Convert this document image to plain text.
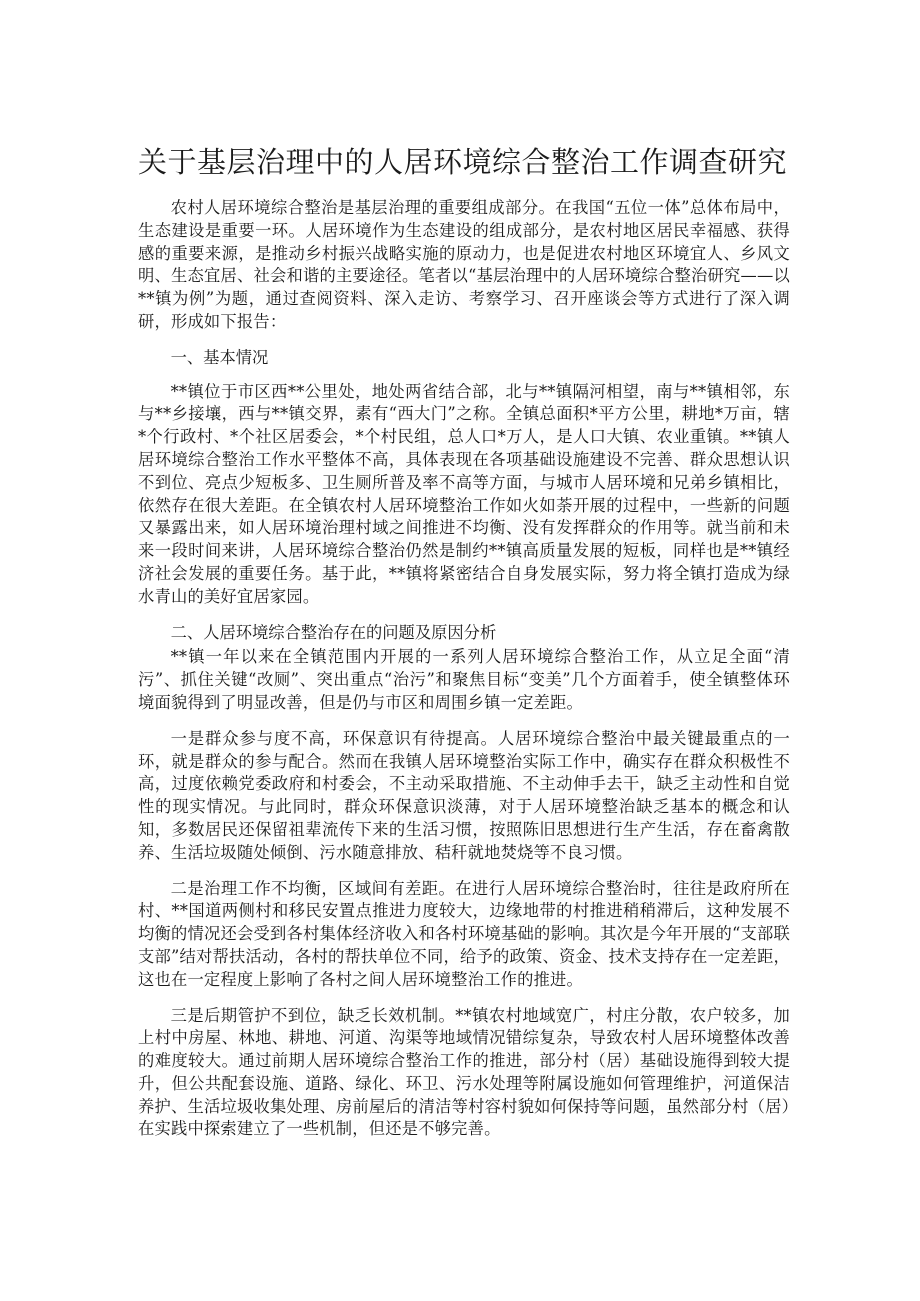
关于基层治理中的人居环境综合整治工作调查研究

农村人居环境综合整治是基层治理的重要组成部分。在我国“五位一体”总体布局中，生态建设是重要一环。人居环境作为生态建设的组成部分，是农村地区居民幸福感、获得感的重要来源，是推动乡村振兴战略实施的原动力，也是促进农村地区环境宜人、乡风文明、生态宜居、社会和谐的主要途径。笔者以“基层治理中的人居环境综合整治研究——以**镇为例”为题，通过查阅资料、深入走访、考察学习、召开座谈会等方式进行了深入调研，形成如下报告：

一、基本情况

**镇位于市区西**公里处，地处两省结合部，北与**镇隔河相望，南与**镇相邻，东与**乡接壤，西与**镇交界，素有“西大门”之称。全镇总面积*平方公里，耕地*万亩，辖*个行政村、*个社区居委会，*个村民组，总人口*万人，是人口大镇、农业重镇。**镇人居环境综合整治工作水平整体不高，具体表现在各项基础设施建设不完善、群众思想认识不到位、亮点少短板多、卫生厕所普及率不高等方面，与城市人居环境和兄弟乡镇相比，依然存在很大差距。在全镇农村人居环境整治工作如火如荼开展的过程中，一些新的问题又暴露出来，如人居环境治理村域之间推进不均衡、没有发挥群众的作用等。就当前和未来一段时间来讲，人居环境综合整治仍然是制约**镇高质量发展的短板，同样也是**镇经济社会发展的重要任务。基于此，**镇将紧密结合自身发展实际，努力将全镇打造成为绿水青山的美好宜居家园。

二、人居环境综合整治存在的问题及原因分析

**镇一年以来在全镇范围内开展的一系列人居环境综合整治工作，从立足全面“清污”、抓住关键“改厕”、突出重点“治污”和聚焦目标“变美”几个方面着手，使全镇整体环境面貌得到了明显改善，但是仍与市区和周围乡镇一定差距。

一是群众参与度不高，环保意识有待提高。人居环境综合整治中最关键最重点的一环，就是群众的参与配合。然而在我镇人居环境整治实际工作中，确实存在群众积极性不高，过度依赖党委政府和村委会，不主动采取措施、不主动伸手去干，缺乏主动性和自觉性的现实情况。与此同时，群众环保意识淡薄，对于人居环境整治缺乏基本的概念和认知，多数居民还保留祖辈流传下来的生活习惯，按照陈旧思想进行生产生活，存在畜禽散养、生活垃圾随处倾倒、污水随意排放、秸秆就地焚烧等不良习惯。

二是治理工作不均衡，区域间有差距。在进行人居环境综合整治时，往往是政府所在村、**国道两侧村和移民安置点推进力度较大，边缘地带的村推进稍稍滞后，这种发展不均衡的情况还会受到各村集体经济收入和各村环境基础的影响。其次是今年开展的“支部联支部”结对帮扶活动，各村的帮扶单位不同，给予的政策、资金、技术支持存在一定差距，这也在一定程度上影响了各村之间人居环境整治工作的推进。

三是后期管护不到位，缺乏长效机制。**镇农村地域宽广，村庄分散，农户较多，加上村中房屋、林地、耕地、河道、沟渠等地域情况错综复杂，导致农村人居环境整体改善的难度较大。通过前期人居环境综合整治工作的推进，部分村（居）基础设施得到较大提升，但公共配套设施、道路、绿化、环卫、污水处理等附属设施如何管理维护，河道保洁养护、生活垃圾收集处理、房前屋后的清洁等村容村貌如何保持等问题，虽然部分村（居）在实践中探索建立了一些机制，但还是不够完善。
